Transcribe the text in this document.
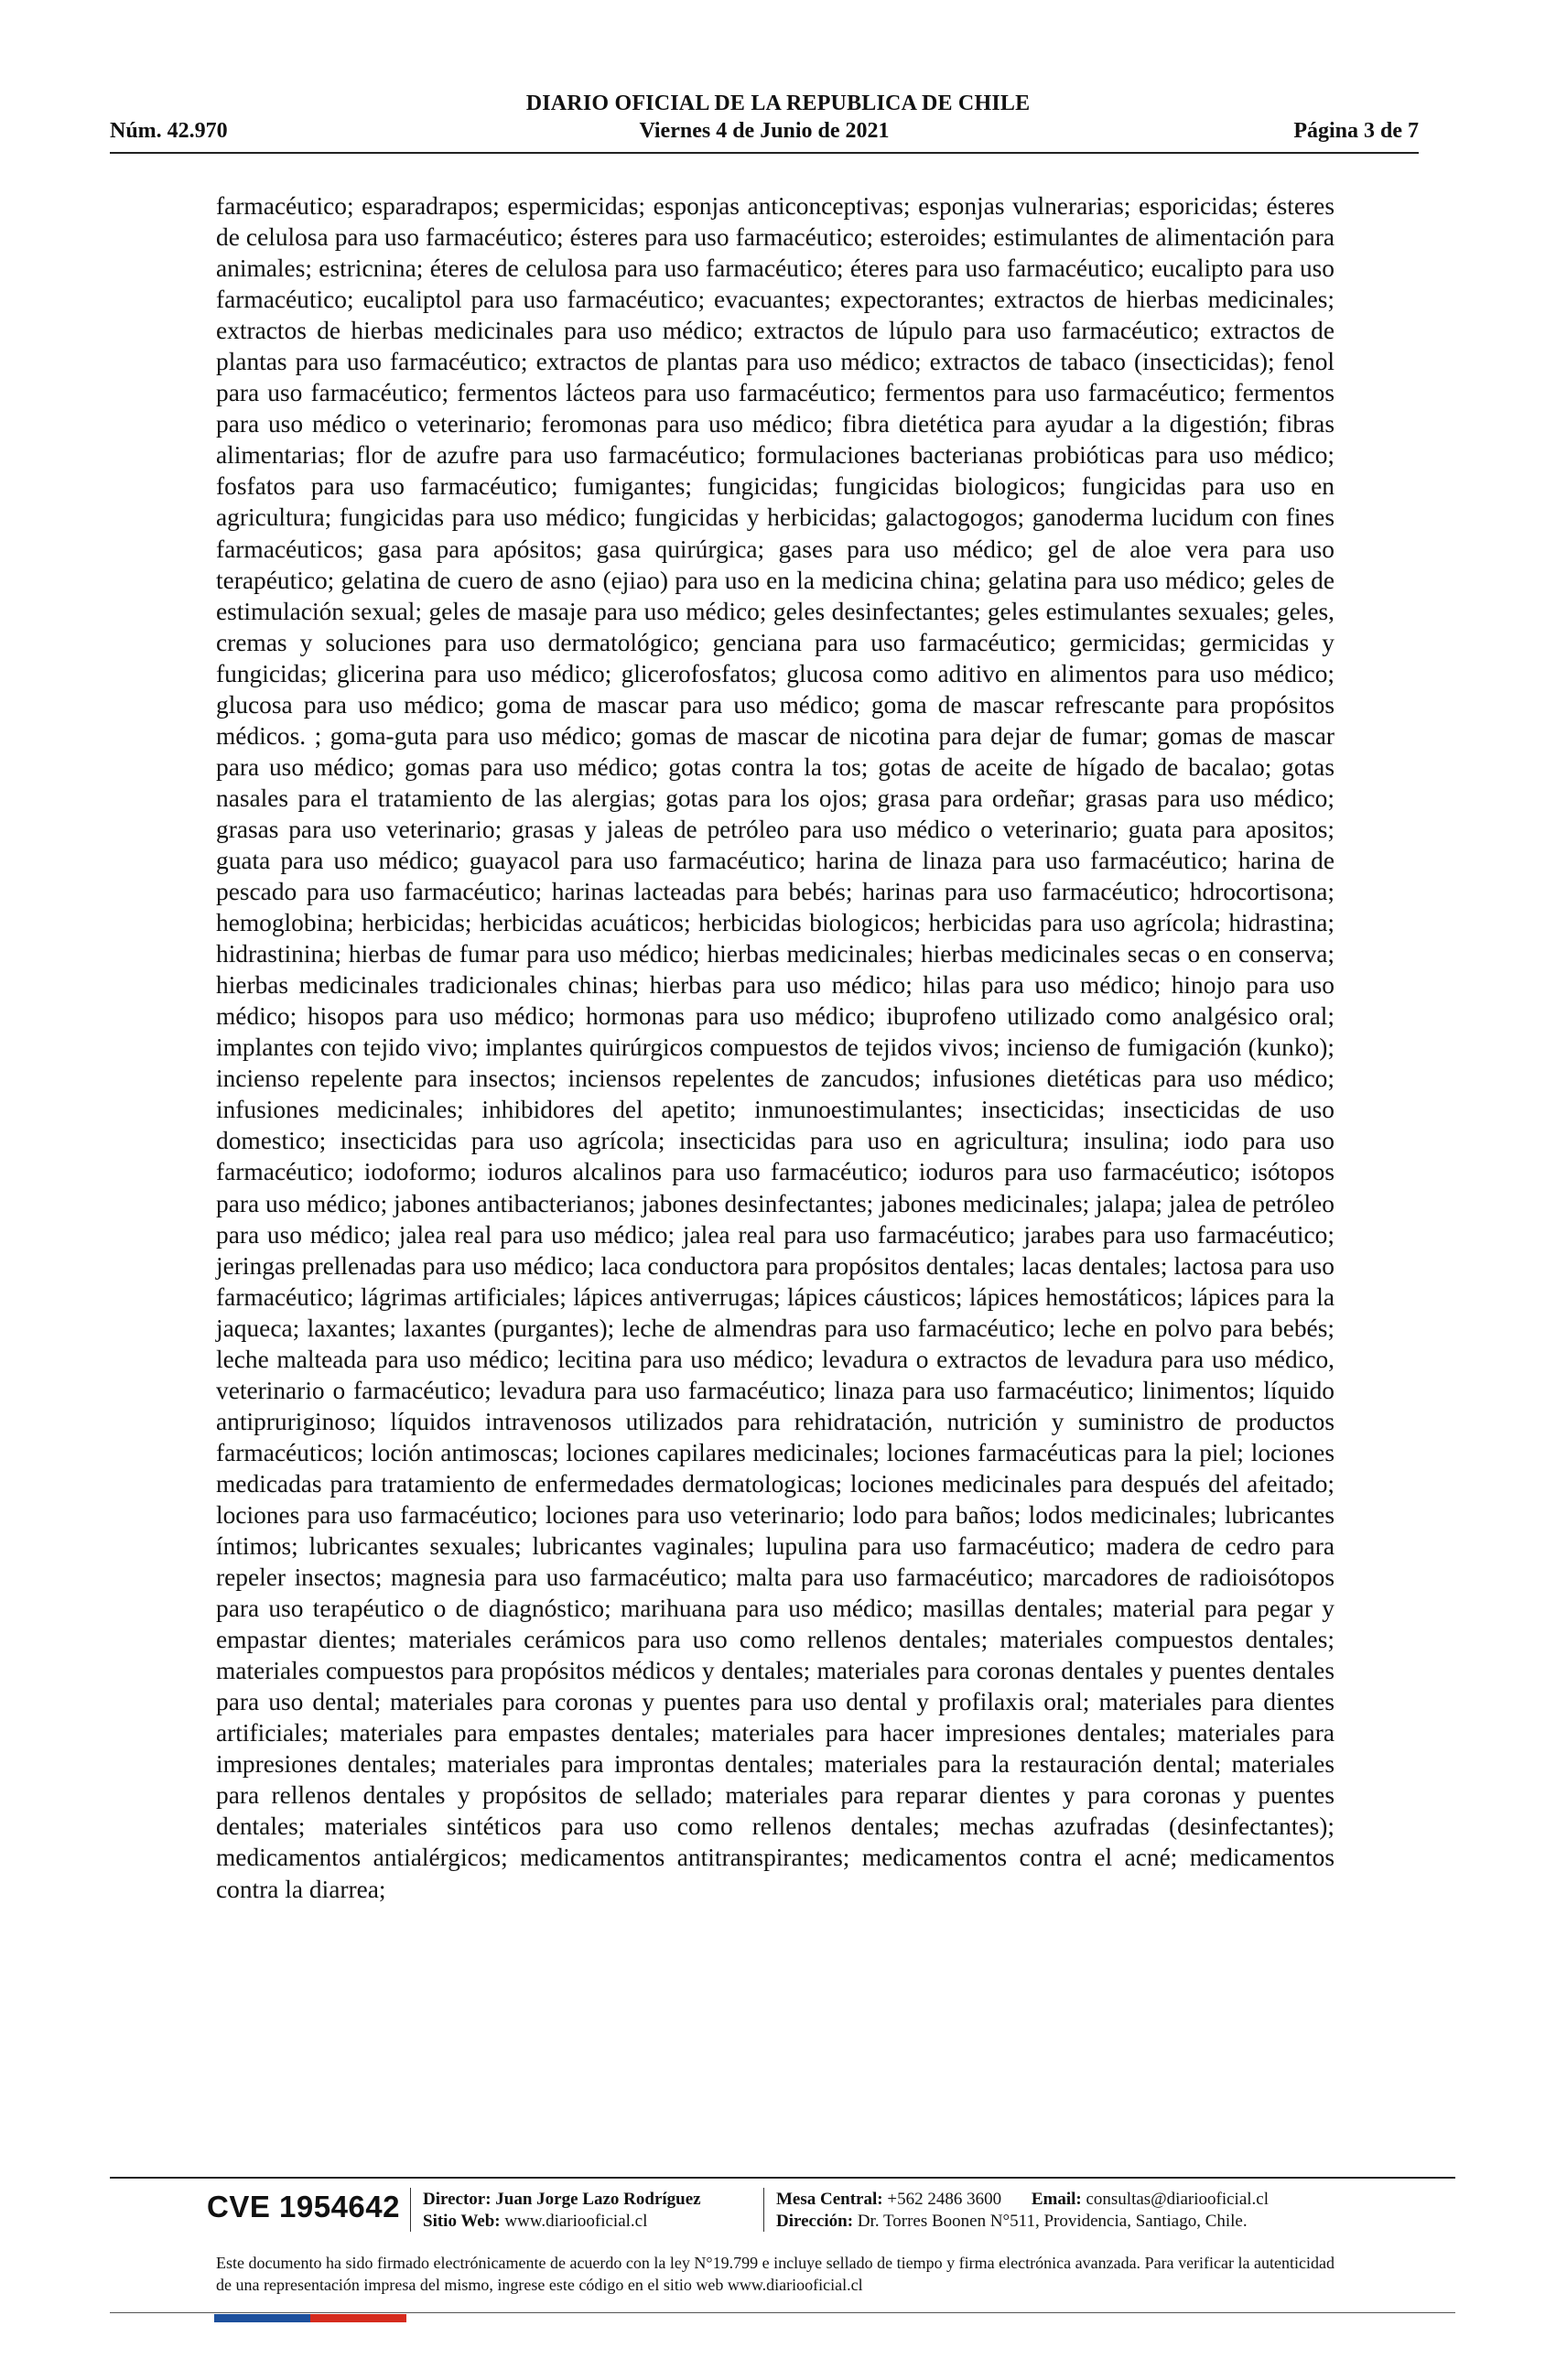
DIARIO OFICIAL DE LA REPUBLICA DE CHILE
Núm. 42.970	Viernes 4 de Junio de 2021	Página 3 de 7
farmacéutico; esparadrapos; espermicidas; esponjas anticonceptivas; esponjas vulnerarias; esporicidas; ésteres de celulosa para uso farmacéutico; ésteres para uso farmacéutico; esteroides; estimulantes de alimentación para animales; estricnina; éteres de celulosa para uso farmacéutico; éteres para uso farmacéutico; eucalipto para uso farmacéutico; eucaliptol para uso farmacéutico; evacuantes; expectorantes; extractos de hierbas medicinales; extractos de hierbas medicinales para uso médico; extractos de lúpulo para uso farmacéutico; extractos de plantas para uso farmacéutico; extractos de plantas para uso médico; extractos de tabaco (insecticidas); fenol para uso farmacéutico; fermentos lácteos para uso farmacéutico; fermentos para uso farmacéutico; fermentos para uso médico o veterinario; feromonas para uso médico; fibra dietética para ayudar a la digestión; fibras alimentarias; flor de azufre para uso farmacéutico; formulaciones bacterianas probióticas para uso médico; fosfatos para uso farmacéutico; fumigantes; fungicidas; fungicidas biologicos; fungicidas para uso en agricultura; fungicidas para uso médico; fungicidas y herbicidas; galactogogos; ganoderma lucidum con fines farmacéuticos; gasa para apósitos; gasa quirúrgica; gases para uso médico; gel de aloe vera para uso terapéutico; gelatina de cuero de asno (ejiao) para uso en la medicina china; gelatina para uso médico; geles de estimulación sexual; geles de masaje para uso médico; geles desinfectantes; geles estimulantes sexuales; geles, cremas y soluciones para uso dermatológico; genciana para uso farmacéutico; germicidas; germicidas y fungicidas; glicerina para uso médico; glicerofosfatos; glucosa como aditivo en alimentos para uso médico; glucosa para uso médico; goma de mascar para uso médico; goma de mascar refrescante para propósitos médicos. ; goma-guta para uso médico; gomas de mascar de nicotina para dejar de fumar; gomas de mascar para uso médico; gomas para uso médico; gotas contra la tos; gotas de aceite de hígado de bacalao; gotas nasales para el tratamiento de las alergias; gotas para los ojos; grasa para ordeñar; grasas para uso médico; grasas para uso veterinario; grasas y jaleas de petróleo para uso médico o veterinario; guata para apositos; guata para uso médico; guayacol para uso farmacéutico; harina de linaza para uso farmacéutico; harina de pescado para uso farmacéutico; harinas lacteadas para bebés; harinas para uso farmacéutico; hdrocortisona; hemoglobina; herbicidas; herbicidas acuáticos; herbicidas biologicos; herbicidas para uso agrícola; hidrastina; hidrastinina; hierbas de fumar para uso médico; hierbas medicinales; hierbas medicinales secas o en conserva; hierbas medicinales tradicionales chinas; hierbas para uso médico; hilas para uso médico; hinojo para uso médico; hisopos para uso médico; hormonas para uso médico; ibuprofeno utilizado como analgésico oral; implantes con tejido vivo; implantes quirúrgicos compuestos de tejidos vivos; incienso de fumigación (kunko); incienso repelente para insectos; inciensos repelentes de zancudos; infusiones dietéticas para uso médico; infusiones medicinales; inhibidores del apetito; inmunoestimulantes; insecticidas; insecticidas de uso domestico; insecticidas para uso agrícola; insecticidas para uso en agricultura; insulina; iodo para uso farmacéutico; iodoformo; ioduros alcalinos para uso farmacéutico; ioduros para uso farmacéutico; isótopos para uso médico; jabones antibacterianos; jabones desinfectantes; jabones medicinales; jalapa; jalea de petróleo para uso médico; jalea real para uso médico; jalea real para uso farmacéutico; jarabes para uso farmacéutico; jeringas prellenadas para uso médico; laca conductora para propósitos dentales; lacas dentales; lactosa para uso farmacéutico; lágrimas artificiales; lápices antiverrugas; lápices cáusticos; lápices hemostáticos; lápices para la jaqueca; laxantes; laxantes (purgantes); leche de almendras para uso farmacéutico; leche en polvo para bebés; leche malteada para uso médico; lecitina para uso médico; levadura o extractos de levadura para uso médico, veterinario o farmacéutico; levadura para uso farmacéutico; linaza para uso farmacéutico; linimentos; líquido antipruriginoso; líquidos intravenosos utilizados para rehidratación, nutrición y suministro de productos farmacéuticos; loción antimoscas; lociones capilares medicinales; lociones farmacéuticas para la piel; lociones medicadas para tratamiento de enfermedades dermatologicas; lociones medicinales para después del afeitado; lociones para uso farmacéutico; lociones para uso veterinario; lodo para baños; lodos medicinales; lubricantes íntimos; lubricantes sexuales; lubricantes vaginales; lupulina para uso farmacéutico; madera de cedro para repeler insectos; magnesia para uso farmacéutico; malta para uso farmacéutico; marcadores de radioisótopos para uso terapéutico o de diagnóstico; marihuana para uso médico; masillas dentales; material para pegar y empastar dientes; materiales cerámicos para uso como rellenos dentales; materiales compuestos dentales; materiales compuestos para propósitos médicos y dentales; materiales para coronas dentales y puentes dentales para uso dental; materiales para coronas y puentes para uso dental y profilaxis oral; materiales para dientes artificiales; materiales para empastes dentales; materiales para hacer impresiones dentales; materiales para impresiones dentales; materiales para improntas dentales; materiales para la restauración dental; materiales para rellenos dentales y propósitos de sellado; materiales para reparar dientes y para coronas y puentes dentales; materiales sintéticos para uso como rellenos dentales; mechas azufradas (desinfectantes); medicamentos antialérgicos; medicamentos antitranspirantes; medicamentos contra el acné; medicamentos contra la diarrea;
CVE 1954642 Director: Juan Jorge Lazo Rodríguez
Sitio Web: www.diariooficial.cl
Mesa Central: +562 2486 3600 Email: consultas@diariooficial.cl
Dirección: Dr. Torres Boonen N°511, Providencia, Santiago, Chile.
Este documento ha sido firmado electrónicamente de acuerdo con la ley N°19.799 e incluye sellado de tiempo y firma electrónica avanzada. Para verificar la autenticidad de una representación impresa del mismo, ingrese este código en el sitio web www.diariooficial.cl
